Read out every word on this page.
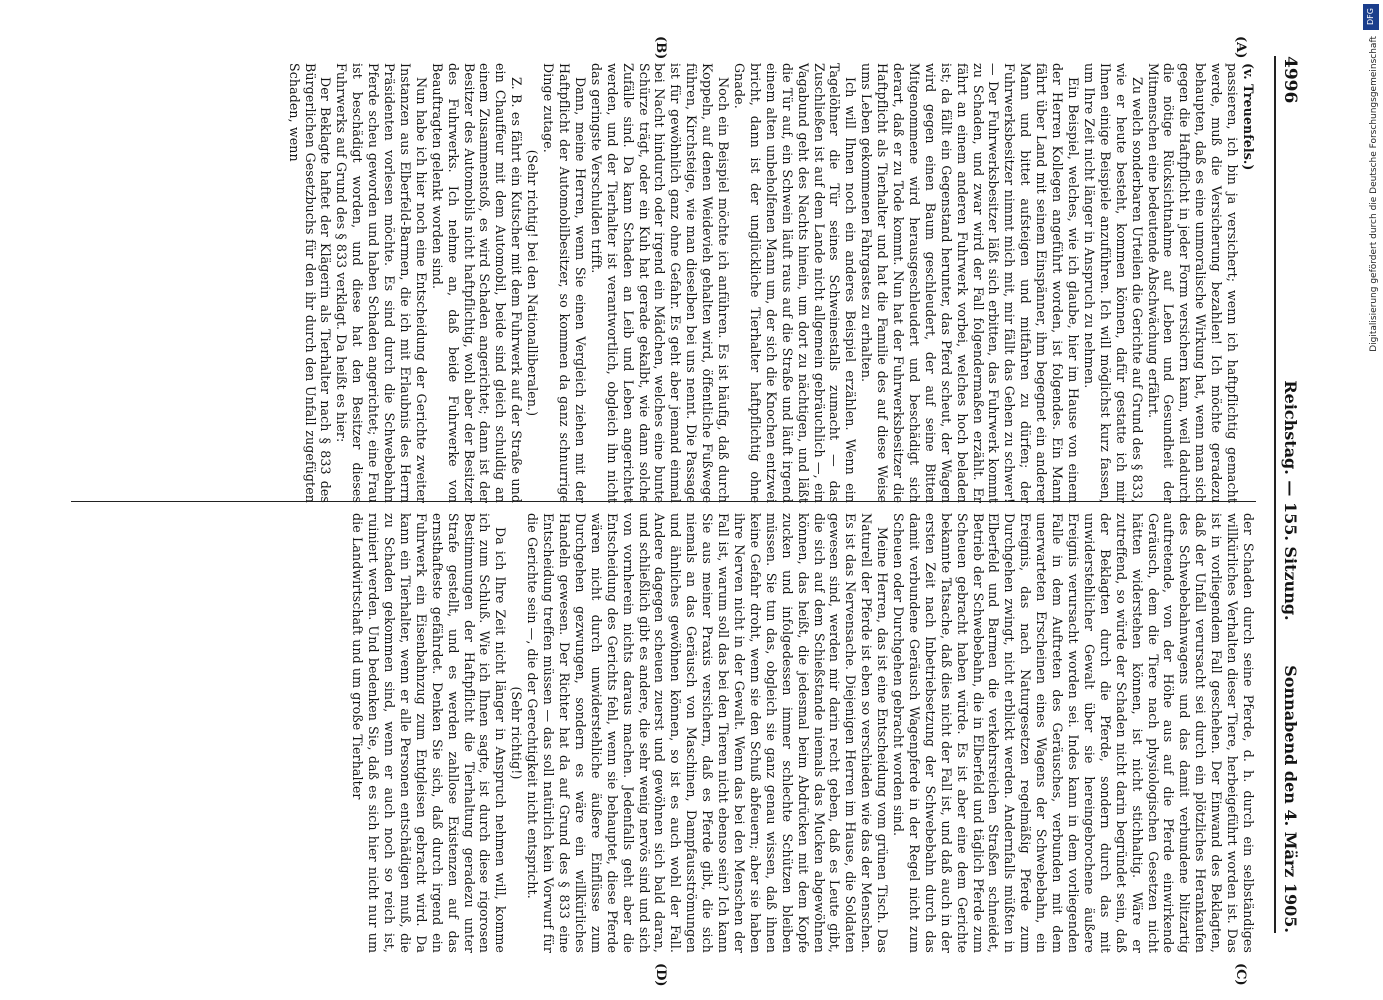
4996
Reichstag. — 155. Sitzung.
Sonnabend den 4. März 1905.
(A)
(B)
(C)
(D)

(v. Treuenfels.)

passieren, ich bin ja versichert; wenn ich haftpflichtig gemacht werde, muß die Versicherung bezahlen! Ich möchte geradezu behaupten, daß es eine unmoralische Wirkung hat, wenn man sich gegen die Haftpflicht in jeder Form versichern kann, weil dadurch die nötige Rücksichtnahme auf Leben und Gesundheit der Mitmenschen eine bedeutende Abschwächung erfährt.

Zu welch sonderbaren Urteilen die Gerichte auf Grund des § 833, wie er heute besteht, kommen können, dafür gestatte ich mir Ihnen einige Beispiele anzuführen. Ich will möglichst kurz fassen, um Ihre Zeit nicht länger in Anspruch zu nehmen.

Ein Beispiel, welches, wie ich glaube, hier im Hause von einem der Herren Kollegen angeführt worden, ist folgendes. Ein Mann fährt über Land mit seinem Einspänner, ihm begegnet ein anderer Mann und bittet aufsteigen und mitfahren zu dürfen; der Fuhrwerksbesitzer nimmt mich mit, mir fällt das Gehen zu schwer! — Der Fuhrwerksbesitzer läßt sich erbitten, das Fuhrwerk kommt zu Schaden, und zwar wird der Fall folgendermaßen erzählt. Er fährt an einem anderen Fuhrwerk vorbei, welches hoch beladen ist; da fällt ein Gegenstand herunter, das Pferd scheut, der Wagen wird gegen einen Baum geschleudert, der auf seine Bitten Mitgenommene wird herausgeschleudert und beschädigt sich derart, daß er zu Tode kommt. Nun hat der Fuhrwerksbesitzer die Haftpflicht als Tierhalter und hat die Familie des auf diese Weise ums Leben gekommenen Fahrgastes zu erhalten.

Ich will Ihnen noch ein anderes Beispiel erzählen. Wenn ein Tagelöhner die Tür seines Schweinestalls zumacht — das Zuschließen ist auf dem Lande nicht allgemein gebräuchlich —, ein Vagabund geht des Nachts hinein, um dort zu nächtigen, und läßt die Tür auf, ein Schwein läuft raus auf die Straße und läuft irgend einem alten unbeholfenen Mann um, der sich die Knochen entzwei bricht, dann ist der unglückliche Tierhalter haftpflichtig ohne Gnade.

Noch ein Beispiel möchte ich anführen. Es ist häufig, daß durch Koppeln, auf denen Weidevieh gehalten wird, öffentliche Fußwege führen, Kirchsteige, wie man dieselben bei uns nennt. Die Passage ist für gewöhnlich ganz ohne Gefahr. Es geht aber jemand einmal bei Nacht hindurch oder irgend ein Mädchen, welches eine bunte Schürze trägt, oder ein Kuh hat gerade gekalbt, wie dann solche Zufälle sind. Da kann Schaden an Leib und Leben angerichtet werden, und der Tierhalter ist verantwortlich, obgleich ihn nicht das geringste Verschulden trifft.

Dann, meine Herren, wenn Sie einen Vergleich ziehen mit der Haftpflicht der Automobilbesitzer, so kommen da ganz schnurrige Dinge zutage.

(Sehr richtig! bei den Nationalliberalen.)

Z. B. es fährt ein Kutscher mit dem Fuhrwerk auf der Straße und ein Chauffeur mit dem Automobil, beide sind gleich schuldig an einem Zusammenstoß, es wird Schaden angerichtet; dann ist der Besitzer des Automobils nicht haftpflichtig, wohl aber der Besitzer des Fuhrwerks. Ich nehme an, daß beide Fuhrwerke von Beauftragten gelenkt worden sind.

Nun habe ich hier noch eine Entscheidung der Gerichte zweiter Instanzen aus Elberfeld-Barmen, die ich mit Erlaubnis des Herrn Präsidenten vorlesen möchte. Es sind durch die Schwebebahn Pferde scheu geworden und haben Schaden angerichtet; eine Frau ist beschädigt worden, und diese hat den Besitzer dieses Fuhrwerks auf Grund des § 833 verklagt. Da heißt es hier:

Der Beklagte haftet der Klägerin als Tierhalter nach § 833 des Bürgerlichen Gesetzbuchs für den ihr durch den Unfall zugefügten Schaden, wenn

der Schaden durch seine Pferde, d. h. durch ein selbständiges willkürliches Verhalten dieser Tiere, herbeigeführt worden ist. Das ist in vorliegendem Fall geschehen. Der Einwand des Beklagten, daß der Unfall verursacht sei durch ein plötzliches Herankaufen des Schwebebahnwagens und das damit verbundene blitzartig auftretende, von der Höhe aus auf die Pferde einwirkende Geräusch, dem die Tiere nach physiologischen Gesetzen nicht hätten widerstehen können, ist nicht stichhaltig. Wäre er zutreffend, so würde der Schaden nicht darin begründet sein, daß der Beklagten durch die Pferde, sondern durch das mit unwiderstehlicher Gewalt über sie hereingebrochene äußere Ereignis verursacht worden sei. Indes kann in dem vorliegenden Falle in dem Auftreten des Geräusches, verbunden mit dem unerwarteten Erscheinen eines Wagens der Schwebebahn, ein Ereignis, das nach Naturgesetzen regelmäßig Pferde zum Durchgehen zwingt, nicht erblickt werden. Andernfalls müßten in Elberfeld und Barmen die verkehrsreichen Straßen schneidet, Betrieb der Schwebebahn, die in Elberfeld und täglich Pferde zum Scheuen gebracht haben würde. Es ist aber eine dem Gerichte bekannte Tatsache, daß dies nicht der Fall ist, und daß auch in der ersten Zeit nach Inbetriebsetzung der Schwebebahn durch das damit verbundene Geräusch Wagenpferde in der Regel nicht zum Scheuen oder Durchgehen gebracht worden sind.

Meine Herren, das ist eine Entscheidung vom grünen Tisch. Das Naturell der Pferde ist eben so verschieden wie das der Menschen. Es ist das Nervensache. Diejenigen Herren im Hause, die Soldaten gewesen sind, werden mir darin recht geben, daß es Leute gibt, die sich auf dem Schießstande niemals das Mucken abgewöhnen können, das heißt, die jedesmal beim Abdrücken mit dem Kopfe zucken und infolgedessen immer schlechte Schützen bleiben müssen. Sie tun das, obgleich sie ganz genau wissen, daß ihnen keine Gefahr droht, wenn sie den Schuß abfeuern; aber sie haben ihre Nerven nicht in der Gewalt. Wenn das bei den Menschen der Fall ist, warum soll das bei den Tieren nicht ebenso sein? Ich kann Sie aus meiner Praxis versichern, daß es Pferde gibt, die sich niemals an das Geräusch von Maschinen, Dampfausströmungen und ähnliches gewöhnen können, so ist es auch wohl der Fall. Andere dagegen scheuen zuerst und gewöhnen sich bald daran, und schließlich gibt es andere, die sehr wenig nervös sind und sich von vornherein nichts daraus machen. Jedenfalls geht aber die Entscheidung des Gerichts fehl, wenn sie behauptet, diese Pferde wären nicht durch unwiderstehliche äußere Einflüsse zum Durchgehen gezwungen, sondern es wäre ein willkürliches Handeln gewesen. Der Richter hat da auf Grund des § 833 eine Entscheidung treffen müssen — das soll natürlich kein Vorwurf für die Gerichte sein —, die der Gerechtigkeit nicht entspricht.

(Sehr richtig!)

Da ich Ihre Zeit nicht länger in Anspruch nehmen will, komme ich zum Schluß. Wie ich Ihnen sagte, ist durch diese rigorosen Bestimmungen der Haftpflicht die Tierhaltung geradezu unter Strafe gestellt, und es werden zahllose Existenzen auf das ernsthafteste gefährdet. Denken Sie sich, daß durch irgend ein Fuhrwerk ein Eisenbahnzug zum Entgleisen gebracht wird. Da kann ein Tierhalter, wenn er alle Personen entschädigen muß, die zu Schaden gekommen sind, wenn er auch noch so reich ist, ruiniert werden. Und bedenken Sie, daß es sich hier nicht nur um die Landwirtschaft und um große Tierhalter

DFG
Digitalisierung gefördert durch die Deutsche Forschungsgemeinschaft
